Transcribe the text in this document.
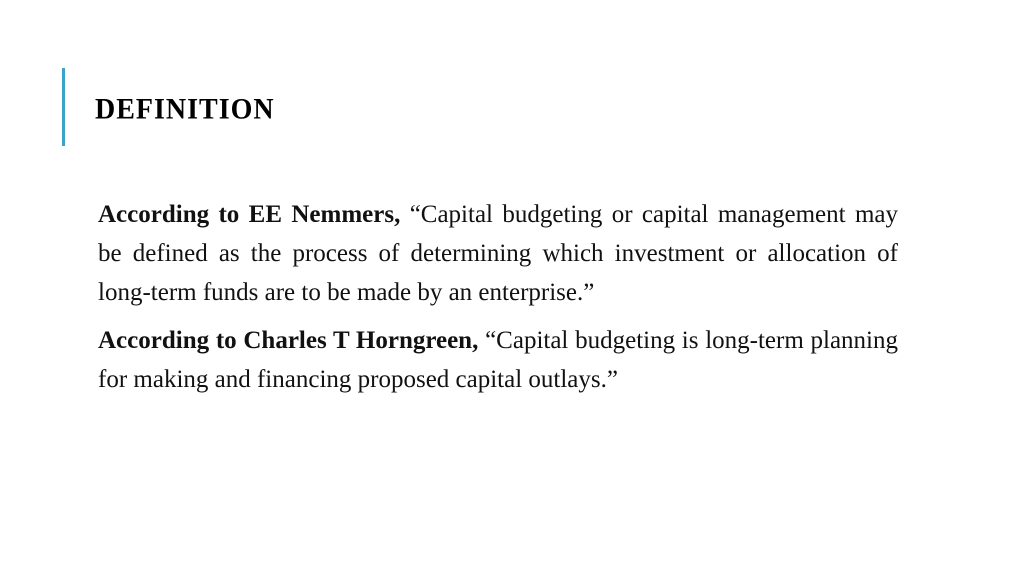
definition

According to EE Nemmers, “Capital budgeting or capital management may be defined as the process of determining which investment or allocation of long-term funds are to be made by an enterprise.”

According to Charles T Horngreen, “Capital budgeting is long-term planning for making and financing proposed capital outlays.”
